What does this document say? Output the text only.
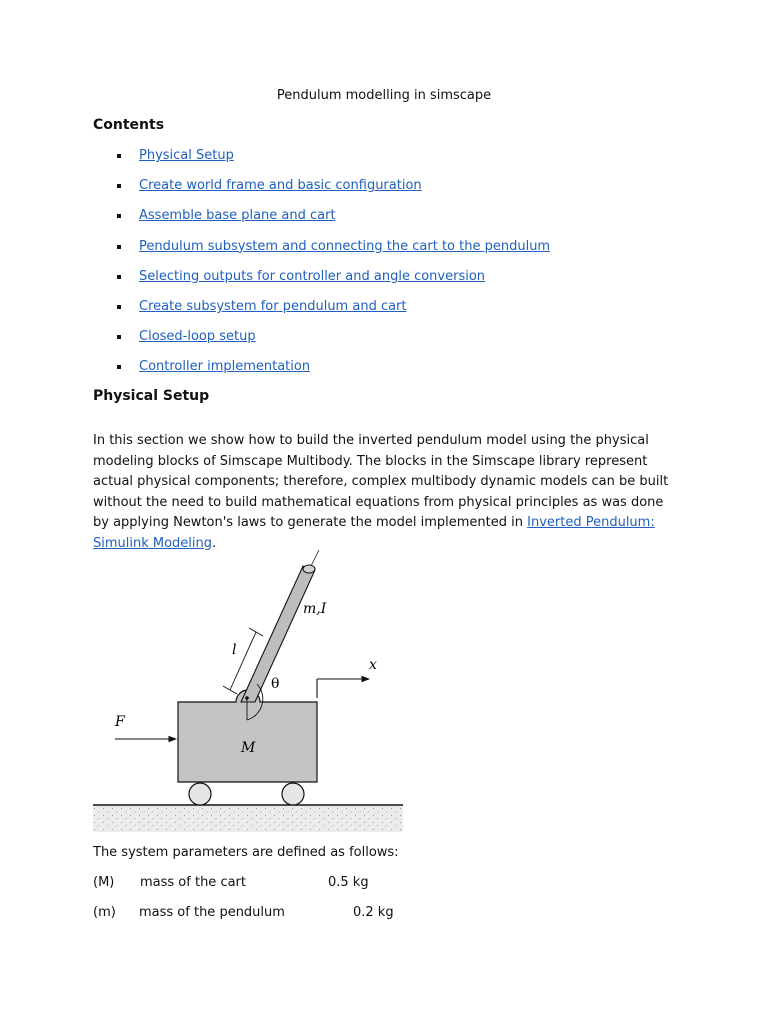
Pendulum modelling in simscape
Contents
Physical Setup
Create world frame and basic configuration
Assemble base plane and cart
Pendulum subsystem and connecting the cart to the pendulum
Selecting outputs for controller and angle conversion
Create subsystem for pendulum and cart
Closed-loop setup
Controller implementation
Physical Setup

In this section we show how to build the inverted pendulum model using the physical modeling blocks of Simscape Multibody. The blocks in the Simscape library represent actual physical components; therefore, complex multibody dynamic models can be built without the need to build mathematical equations from physical principles as was done by applying Newton's laws to generate the model implemented in Inverted Pendulum: Simulink Modeling.

θ
l
m,I
x
F
M
The system parameters are defined as follows:
(M) mass of the cart	0.5 kg
(m) mass of the pendulum	0.2 kg
